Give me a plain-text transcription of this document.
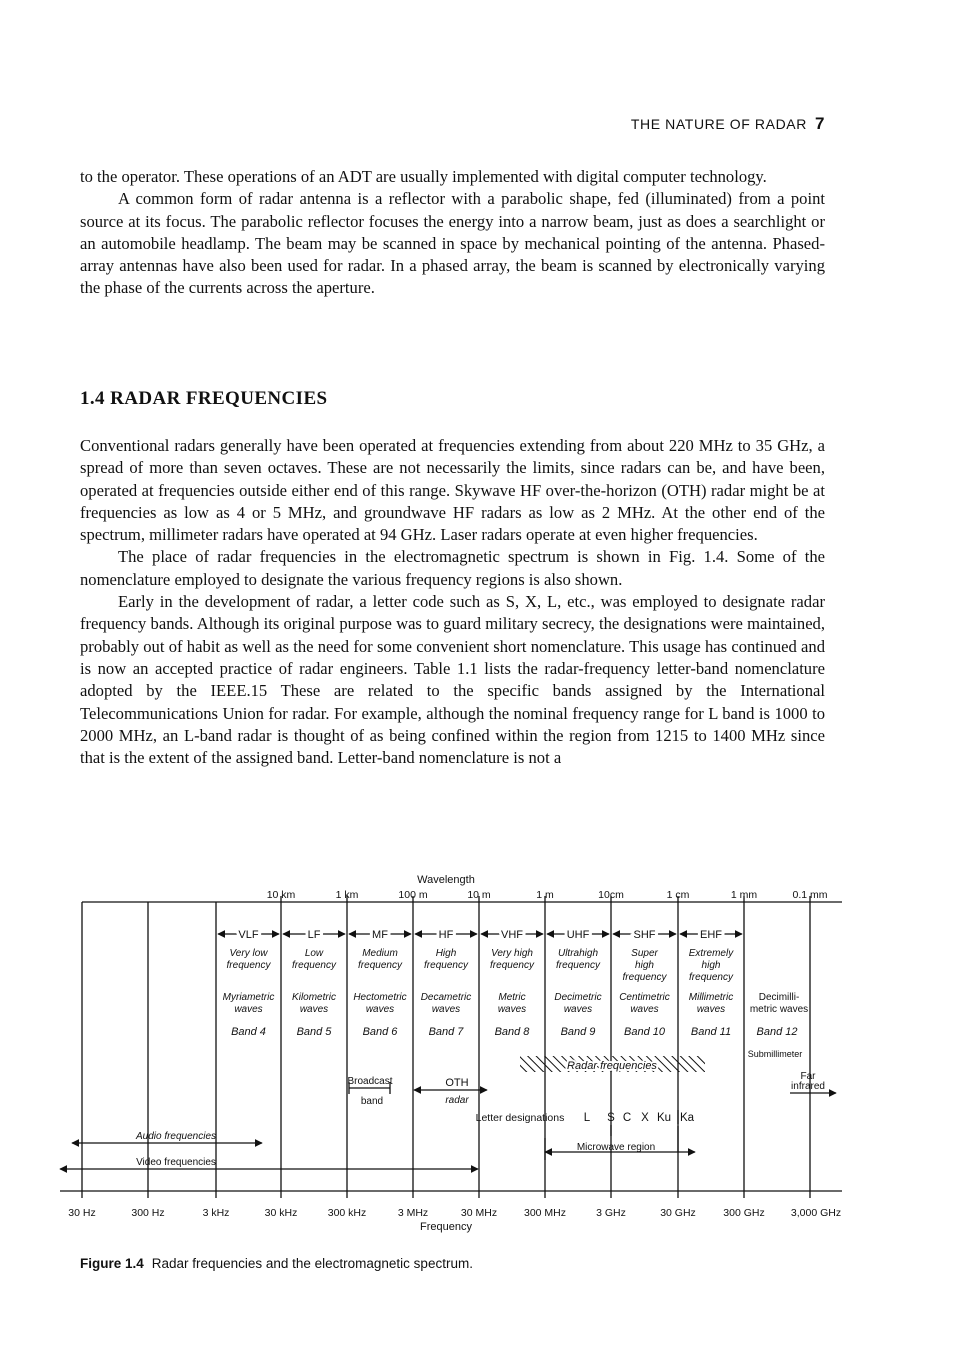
THE NATURE OF RADAR 7

to the operator. These operations of an ADT are usually implemented with digital computer technology.

A common form of radar antenna is a reflector with a parabolic shape, fed (illuminated) from a point source at its focus. The parabolic reflector focuses the energy into a narrow beam, just as does a searchlight or an automobile headlamp. The beam may be scanned in space by mechanical pointing of the antenna. Phased-array antennas have also been used for radar. In a phased array, the beam is scanned by electronically varying the phase of the currents across the aperture.

1.4 RADAR FREQUENCIES

Conventional radars generally have been operated at frequencies extending from about 220 MHz to 35 GHz, a spread of more than seven octaves. These are not necessarily the limits, since radars can be, and have been, operated at frequencies outside either end of this range. Skywave HF over-the-horizon (OTH) radar might be at frequencies as low as 4 or 5 MHz, and groundwave HF radars as low as 2 MHz. At the other end of the spectrum, millimeter radars have operated at 94 GHz. Laser radars operate at even higher frequencies.

The place of radar frequencies in the electromagnetic spectrum is shown in Fig. 1.4. Some of the nomenclature employed to designate the various frequency regions is also shown.

Early in the development of radar, a letter code such as S, X, L, etc., was employed to designate radar frequency bands. Although its original purpose was to guard military secrecy, the designations were maintained, probably out of habit as well as the need for some convenient short nomenclature. This usage has continued and is now an accepted practice of radar engineers. Table 1.1 lists the radar-frequency letter-band nomenclature adopted by the IEEE.15 These are related to the specific bands assigned by the International Telecommunications Union for radar. For example, although the nominal frequency range for L band is 1000 to 2000 MHz, an L-band radar is thought of as being confined within the region from 1215 to 1400 MHz since that is the extent of the assigned band. Letter-band nomenclature is not a

30 Hz	300 Hz	3 kHz	30 kHz	300 kHz	3 MHz	30 MHz	300 MHz	3 GHz	30 GHz	300 GHz 3,000 GHz
Frequency
10 km	1 km	100 m	10 m	1 m	10cm	1 cm	1 mm	0.1 mm
Wavelength
VLF
Very low
frequency
Myriametric
waves
Band 4
LF
Low
frequency
Kilometric
waves
Band 5
MF
Medium
frequency
Hectometric
waves
Band 6
HF
High
frequency
Decametric
waves
Band 7
VHF
Very high
frequency
Metric
waves
Band 8
UHF
Ultrahigh
frequency
Decimetric
waves
Band 9
SHF
Super
high
frequency
Centimetric
waves
Band 10
EHF
Extremely
high
frequency
Millimetric
waves
Band 11
Decimilli-
metric waves
Band 12
Submillimeter
Radar frequencies
Broadcast
band
OTH
radar
Far
infrared
Letter designations L S C X Ku Ka
Microwave region
Audio frequencies
Video frequencies
Figure 1.4 Radar frequencies and the electromagnetic spectrum.
